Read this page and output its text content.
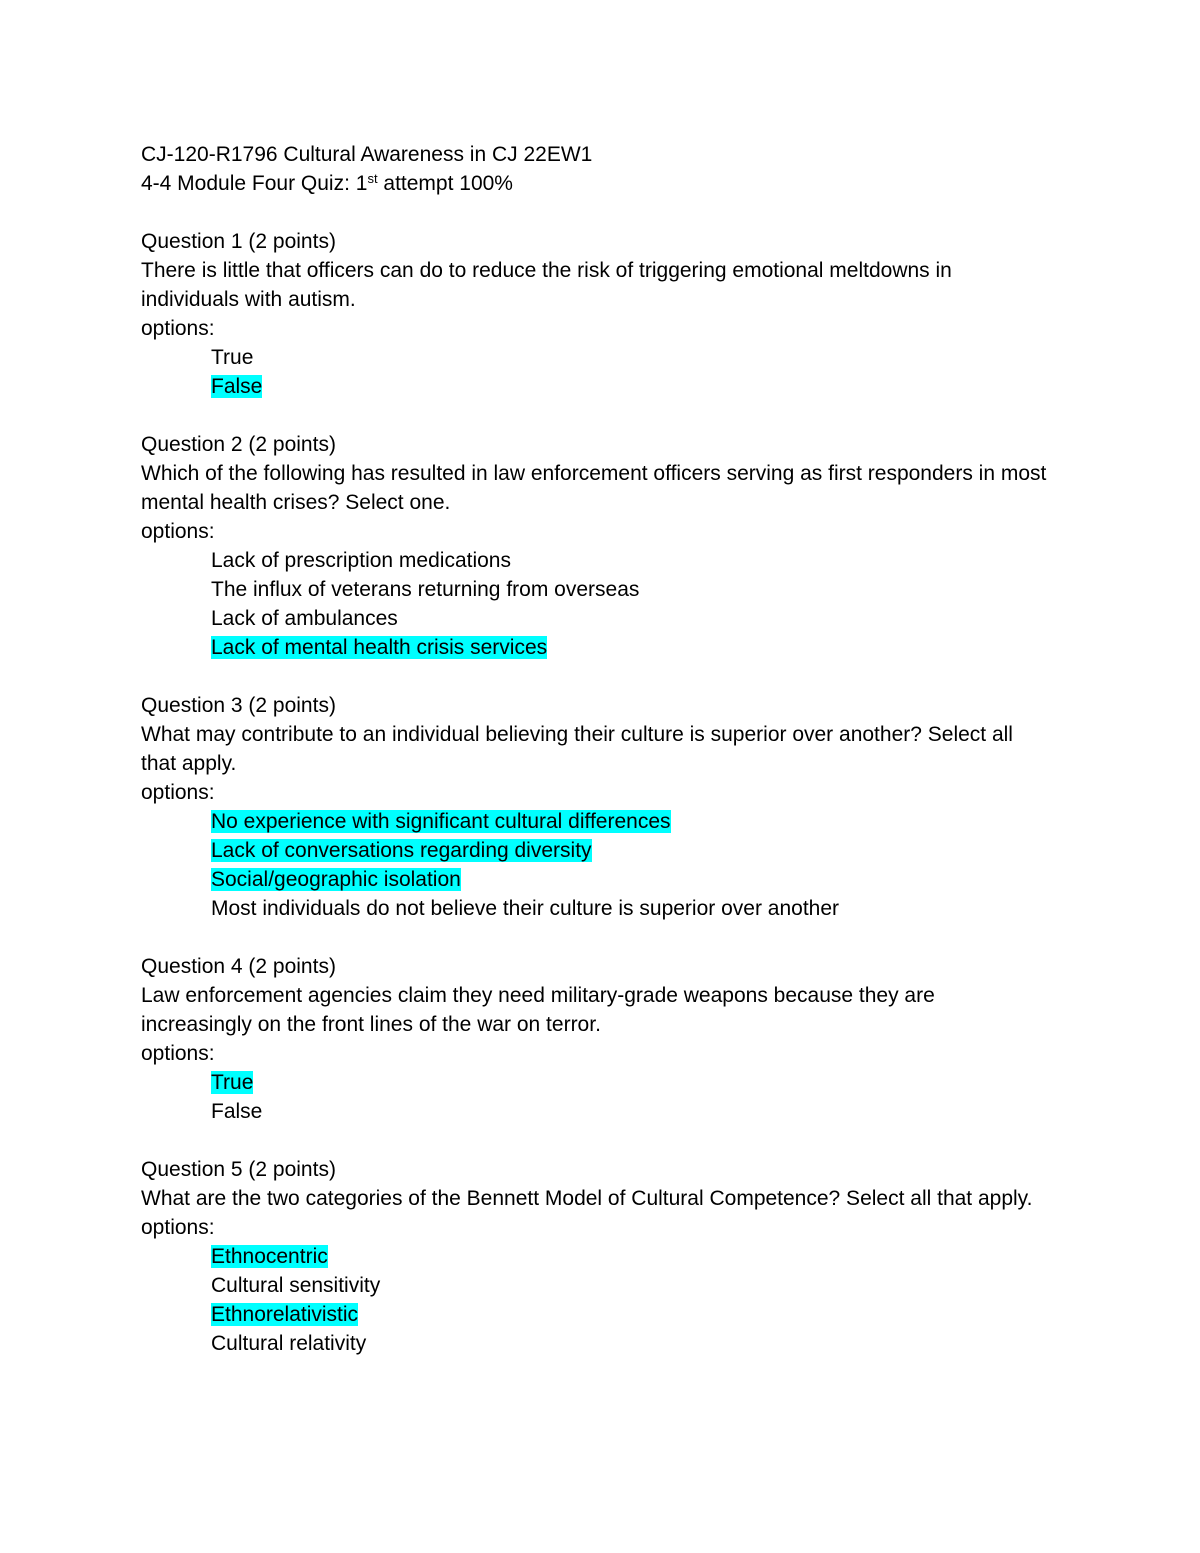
CJ-120-R1796 Cultural Awareness in CJ 22EW1

4-4 Module Four Quiz: 1st attempt 100%

Question 1 (2 points)

There is little that officers can do to reduce the risk of triggering emotional meltdowns in individuals with autism.

options:

True
False

Question 2 (2 points)

Which of the following has resulted in law enforcement officers serving as first responders in most mental health crises? Select one.

options:

Lack of prescription medications
The influx of veterans returning from overseas
Lack of ambulances
Lack of mental health crisis services

Question 3 (2 points)

What may contribute to an individual believing their culture is superior over another? Select all that apply.

options:

No experience with significant cultural differences
Lack of conversations regarding diversity
Social/geographic isolation
Most individuals do not believe their culture is superior over another

Question 4 (2 points)

Law enforcement agencies claim they need military-grade weapons because they are increasingly on the front lines of the war on terror.

options:

True
False

Question 5 (2 points)

What are the two categories of the Bennett Model of Cultural Competence? Select all that apply.

options:

Ethnocentric
Cultural sensitivity
Ethnorelativistic
Cultural relativity
